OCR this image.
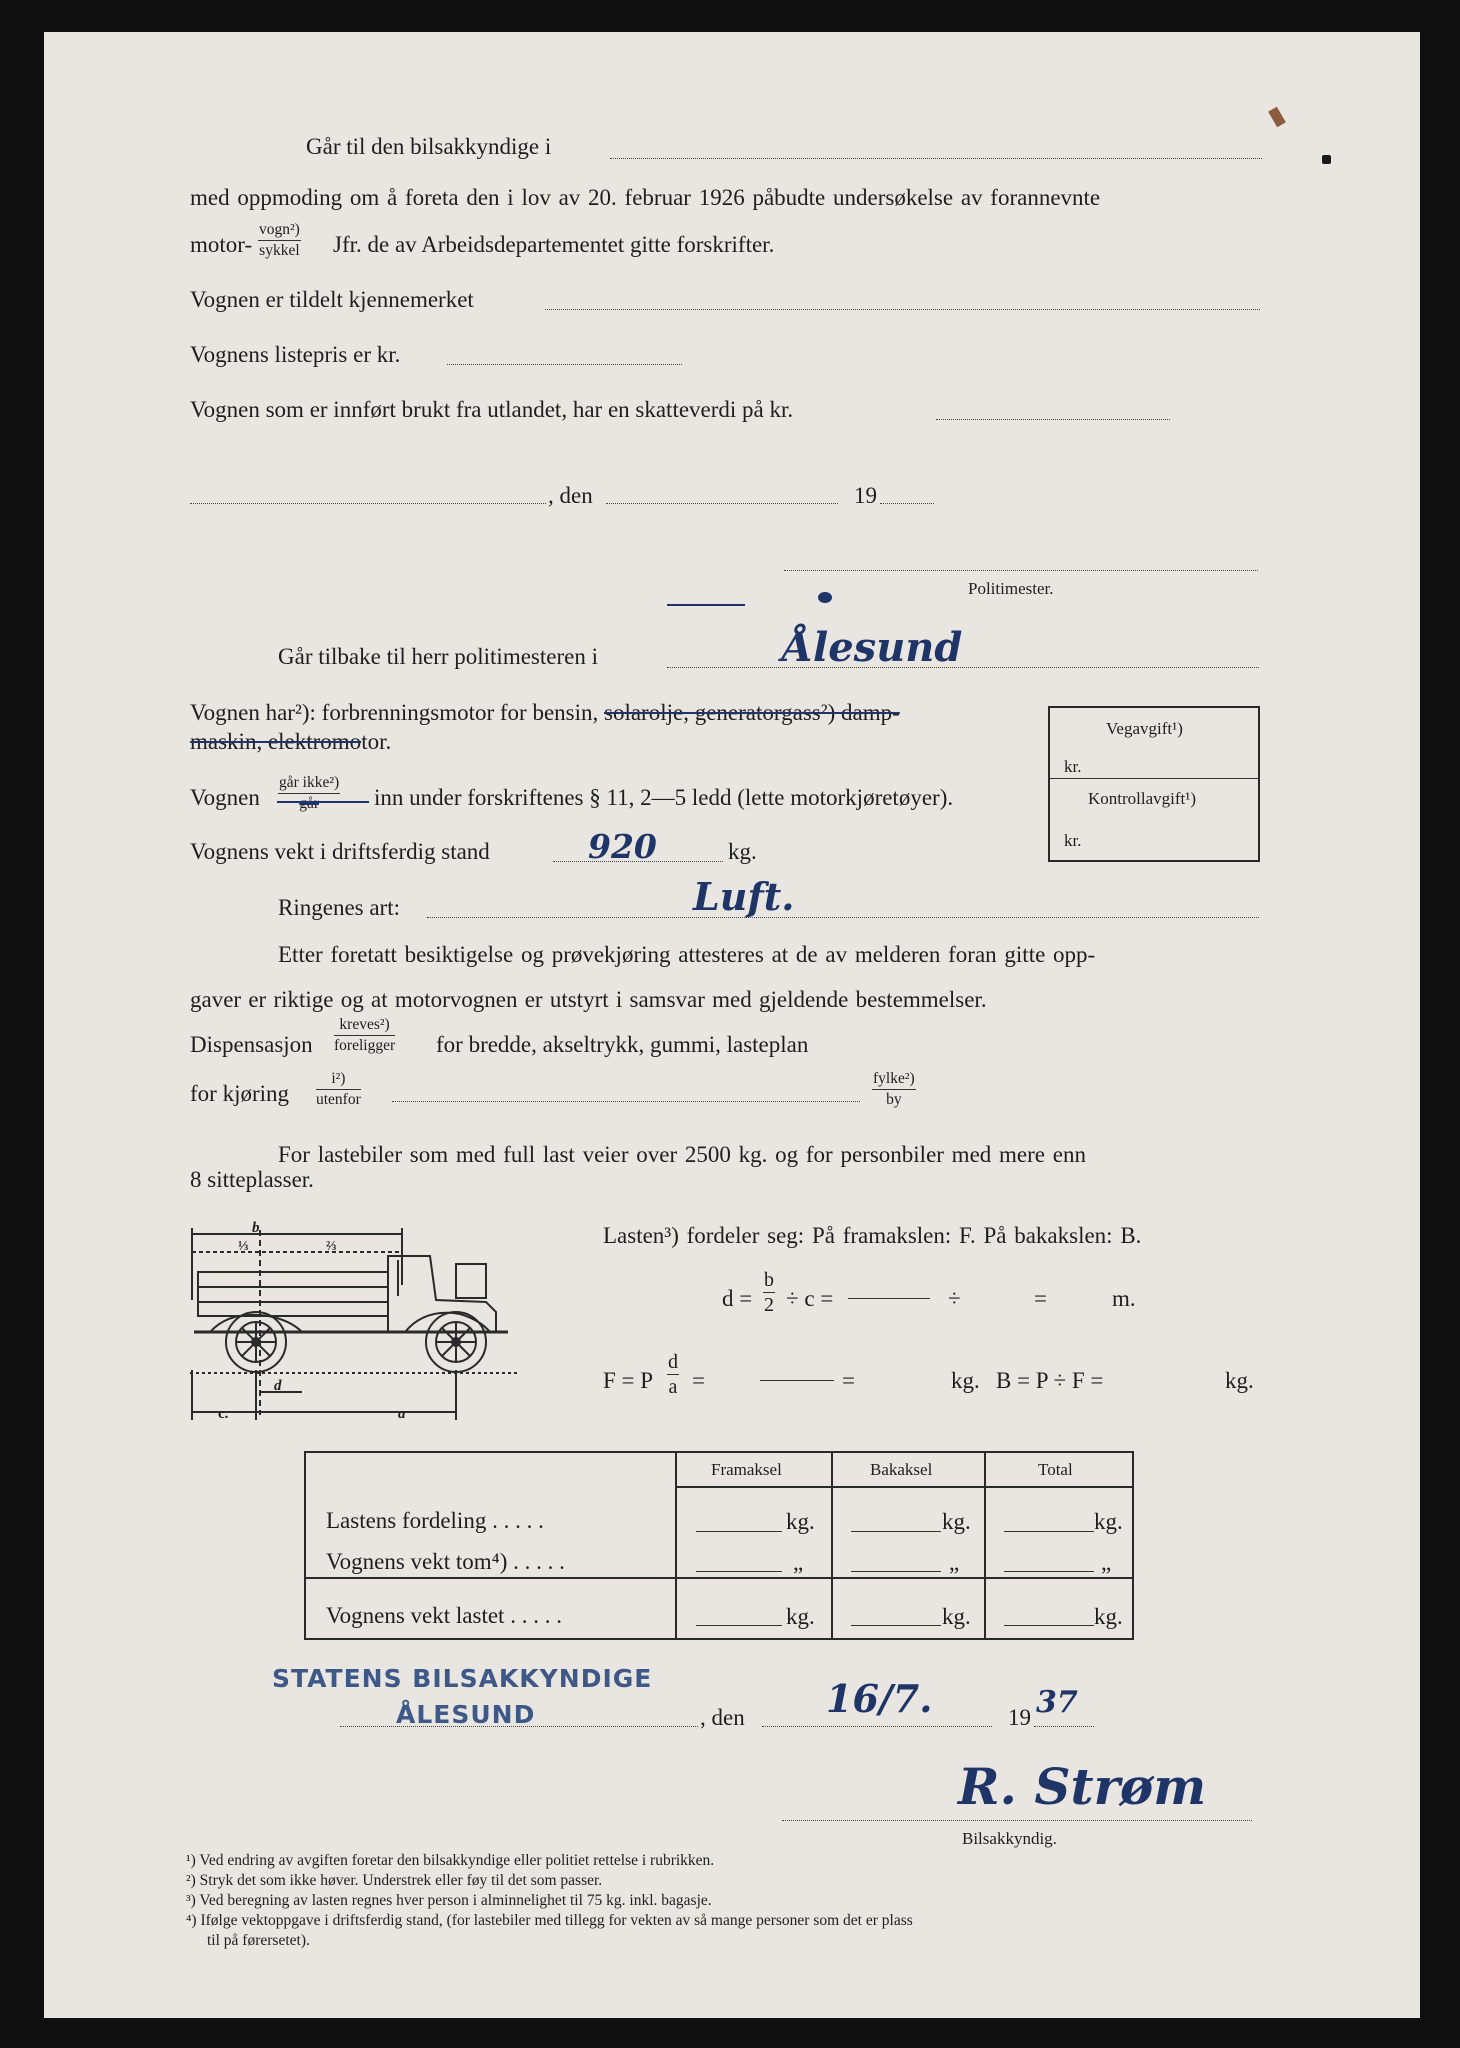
Går til den bilsakkyndige i
med oppmoding om å foreta den i lov av 20. februar 1926 påbudte undersøkelse av forannevnte
motor-
vogn²)
sykkel Jfr. de av Arbeidsdepartementet gitte forskrifter.
Vognen er tildelt kjennemerket
Vognens listepris er kr.
Vognen som er innført brukt fra utlandet, har en skatteverdi på kr.
, den	19
Politimester.
Går tilbake til herr politimesteren i	Ålesund
Vognen har²): forbrenningsmotor for bensin, solarolje, generatorgass²) damp-
maskin, elektromotor.
Vognen
går ikke²)
går	inn under forskriftenes § 11, 2—5 ledd (lette motorkjøretøyer).
Vognens vekt i driftsferdig stand	920	kg.
Ringenes art:	Luft.
Etter foretatt besiktigelse og prøvekjøring attesteres at de av melderen foran gitte opp-
gaver er riktige og at motorvognen er utstyrt i samsvar med gjeldende bestemmelser.
Dispensasjon
kreves²)
foreligger for bredde, akseltrykk, gummi, lasteplan
for kjøring
i²)
utenfor
fylke²)
by
Vegavgift¹)
kr.
Kontrollavgift¹)
kr.
For lastebiler som med full last veier over 2500 kg. og for personbiler med mere enn
8 sitteplasser.
Lasten³) fordeler seg: På framakslen: F. På bakakslen: B.
$d = \frac{b}{2} \div c$ =	÷	=	m.
F = P $\frac{d}{a}$ =	=	kg. B = P ÷ F =	kg.
b
⅓	⅔
c.
d
a
Framaksel	Bakaksel	Total
Lastens fordeling . . . . .	kg.	kg.	kg.
Vognens vekt tom⁴) . . . . .	„	„	„
Vognens vekt lastet . . . . .	kg.	kg.	kg.
STATENS BILSAKKYNDIGE
ÅLESUND	, den 16/7.	19 37
R. Strøm
Bilsakkyndig.
¹) Ved endring av avgiften foretar den bilsakkyndige eller politiet rettelse i rubrikken.
²) Stryk det som ikke høver. Understrek eller føy til det som passer.
³) Ved beregning av lasten regnes hver person i alminnelighet til 75 kg. inkl. bagasje.
⁴) Ifølge vektoppgave i driftsferdig stand, (for lastebiler med tillegg for vekten av så mange personer som det er plass
til på førersetet).
